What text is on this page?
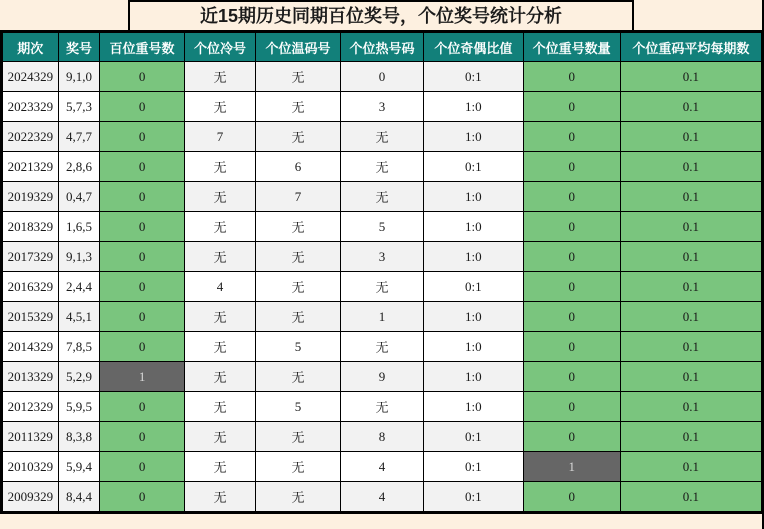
近15期历史同期百位奖号，个位奖号统计分析
期次	奖号	百位重号数	个位冷号	个位温码号	个位热号码	个位奇偶比值	个位重号数量	个位重码平均每期数
2024329	9,1,0	0	无	无	0	0:1	0	0.1
2023329	5,7,3	0	无	无	3	1:0	0	0.1
2022329	4,7,7	0	7	无	无	1:0	0	0.1
2021329	2,8,6	0	无	6	无	0:1	0	0.1
2019329	0,4,7	0	无	7	无	1:0	0	0.1
2018329	1,6,5	0	无	无	5	1:0	0	0.1
2017329	9,1,3	0	无	无	3	1:0	0	0.1
2016329	2,4,4	0	4	无	无	0:1	0	0.1
2015329	4,5,1	0	无	无	1	1:0	0	0.1
2014329	7,8,5	0	无	5	无	1:0	0	0.1
2013329	5,2,9	1	无	无	9	1:0	0	0.1
2012329	5,9,5	0	无	5	无	1:0	0	0.1
2011329	8,3,8	0	无	无	8	0:1	0	0.1
2010329	5,9,4	0	无	无	4	0:1	1	0.1
2009329	8,4,4	0	无	无	4	0:1	0	0.1
